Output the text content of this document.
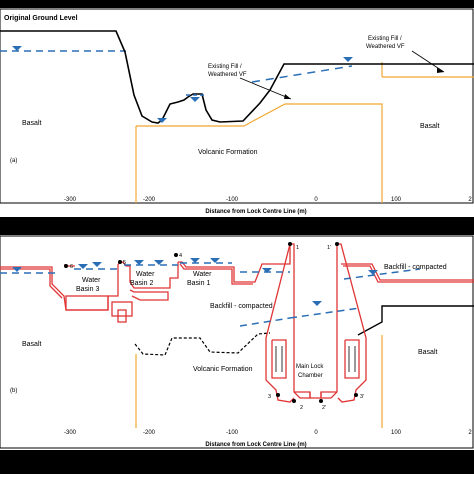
Original Ground Level
Existing Fill /
Weathered VF
Existing Fill /
Weathered VF
Basalt	Basalt
Volcanic Formation
(a)
-300	-200	-100	0	100	2
Distance from Lock Centre Line (m)
6
5
4
1	1'
2	2'
3	3'
Water
Basin 3
Water
Basin 2
Water
Basin 1
Backfill - compacted
Backfill - compacted
Basalt
Basalt
Volcanic Formation	Main Lock
Chamber
(b)
-300	-200	-100	0	100	2
Distance from Lock Centre Line (m)
